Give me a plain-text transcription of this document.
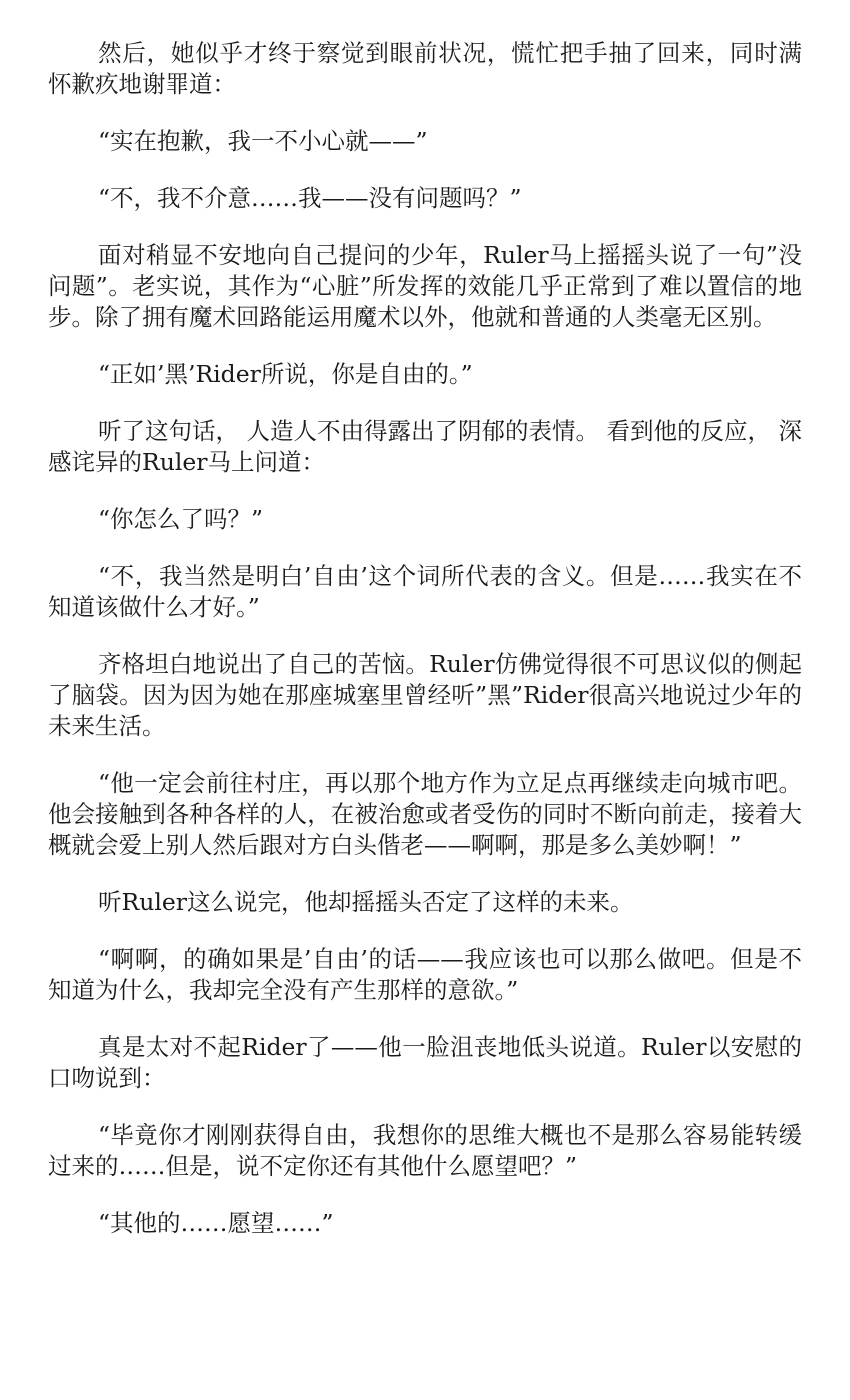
然后，她似乎才终于察觉到眼前状况，慌忙把手抽了回来，同时满怀歉疚地谢罪道：

“实在抱歉，我一不小心就——”

“不，我不介意……我——没有问题吗？”

面对稍显不安地向自己提问的少年，Ruler马上摇摇头说了一句”没问题”。老实说，其作为“心脏”所发挥的效能几乎正常到了难以置信的地步。除了拥有魔术回路能运用魔术以外，他就和普通的人类毫无区别。

“正如’黑’Rider所说，你是自由的。”

听了这句话， 人造人不由得露出了阴郁的表情。 看到他的反应， 深感诧异的Ruler马上问道：

“你怎么了吗？”

“不，我当然是明白’自由’这个词所代表的含义。但是……我实在不知道该做什么才好。”

齐格坦白地说出了自己的苦恼。Ruler仿佛觉得很不可思议似的侧起了脑袋。因为因为她在那座城塞里曾经听”黑”Rider很高兴地说过少年的未来生活。

“他一定会前往村庄，再以那个地方作为立足点再继续走向城市吧。他会接触到各种各样的人，在被治愈或者受伤的同时不断向前走，接着大概就会爱上别人然后跟对方白头偕老——啊啊，那是多么美妙啊！”

听Ruler这么说完，他却摇摇头否定了这样的未来。

“啊啊，的确如果是’自由’的话——我应该也可以那么做吧。但是不知道为什么，我却完全没有产生那样的意欲。”

真是太对不起Rider了——他一脸沮丧地低头说道。Ruler以安慰的口吻说到：

“毕竟你才刚刚获得自由，我想你的思维大概也不是那么容易能转缓过来的……但是，说不定你还有其他什么愿望吧？”

“其他的……愿望……”
